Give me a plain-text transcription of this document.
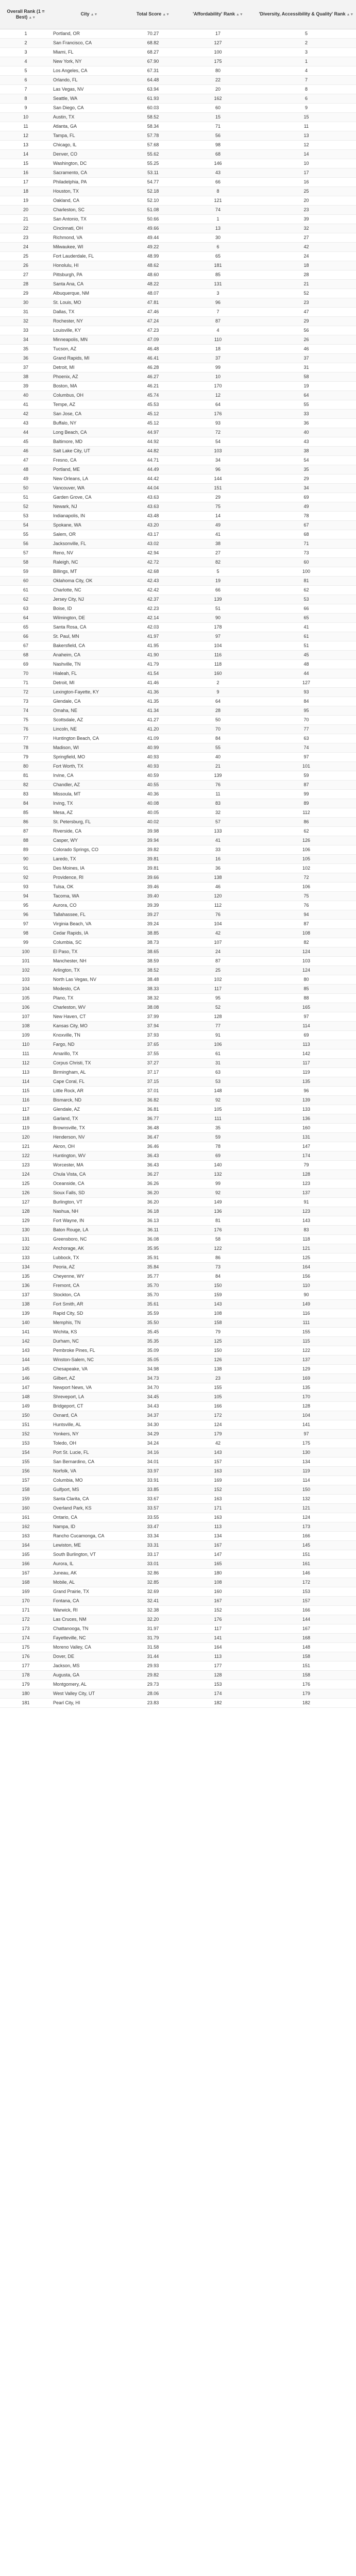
Overall Rank (1 = Best) ▲▼	City ▲▼	Total Score ▲▼	'Affordability' Rank ▲▼	'Diversity, Accessibility & Quality' Rank ▲▼
1	Portland, OR	70.27	17	5
2	San Francisco, CA	68.82	127	2
3	Miami, FL	68.27	100	3
4	New York, NY	67.90	175	1
5	Los Angeles, CA	67.31	80	4
6	Orlando, FL	64.48	22	7
7	Las Vegas, NV	63.94	20	8
8	Seattle, WA	61.93	162	6
9	San Diego, CA	60.03	60	9
10	Austin, TX	58.52	15	15
11	Atlanta, GA	58.34	71	11
12	Tampa, FL	57.78	56	13
13	Chicago, IL	57.68	98	12
14	Denver, CO	55.62	68	14
15	Washington, DC	55.25	146	10
16	Sacramento, CA	53.11	43	17
17	Philadelphia, PA	54.77	66	16
18	Houston, TX	52.18	8	25
19	Oakland, CA	52.10	121	20
20	Charleston, SC	51.08	74	23
21	San Antonio, TX	50.66	1	39
22	Cincinnati, OH	49.66	13	32
23	Richmond, VA	49.44	30	27
24	Milwaukee, WI	49.22	6	42
25	Fort Lauderdale, FL	48.99	65	24
26	Honolulu, HI	48.62	181	18
27	Pittsburgh, PA	48.60	85	28
28	Santa Ana, CA	48.22	131	21
29	Albuquerque, NM	48.07	3	52
30	St. Louis, MO	47.81	96	23
31	Dallas, TX	47.46	7	47
32	Rochester, NY	47.24	87	29
33	Louisville, KY	47.23	4	56
34	Minneapolis, MN	47.09	110	26
35	Tucson, AZ	46.48	18	46
36	Grand Rapids, MI	46.41	37	37
37	Detroit, MI	46.28	99	31
38	Phoenix, AZ	46.27	10	58
39	Boston, MA	46.21	170	19
40	Columbus, OH	45.74	12	64
41	Tempe, AZ	45.53	64	55
42	San Jose, CA	45.12	176	33
43	Buffalo, NY	45.12	93	36
44	Long Beach, CA	44.97	72	40
45	Baltimore, MD	44.92	54	43
46	Salt Lake City, UT	44.82	103	38
47	Fresno, CA	44.71	34	54
48	Portland, ME	44.49	96	35
49	New Orleans, LA	44.42	144	29
50	Vancouver, WA	44.04	151	34
51	Garden Grove, CA	43.63	29	69
52	Newark, NJ	43.63	75	49
53	Indianapolis, IN	43.48	14	78
54	Spokane, WA	43.20	49	67
55	Salem, OR	43.17	41	68
56	Jacksonville, FL	43.02	38	71
57	Reno, NV	42.94	27	73
58	Raleigh, NC	42.72	82	60
59	Billings, MT	42.68	5	100
60	Oklahoma City, OK	42.43	19	81
61	Charlotte, NC	42.42	66	62
62	Jersey City, NJ	42.37	139	53
63	Boise, ID	42.23	51	66
64	Wilmington, DE	42.14	90	65
65	Santa Rosa, CA	42.03	178	41
66	St. Paul, MN	41.97	97	61
67	Bakersfield, CA	41.95	104	51
68	Anaheim, CA	41.90	116	45
69	Nashville, TN	41.79	118	48
70	Hialeah, FL	41.54	160	44
71	Detroit, MI	41.46	2	127
72	Lexington-Fayette, KY	41.36	9	93
73	Glendale, CA	41.35	64	84
74	Omaha, NE	41.34	28	95
75	Scottsdale, AZ	41.27	50	70
76	Lincoln, NE	41.20	70	77
77	Huntington Beach, CA	41.09	84	63
78	Madison, WI	40.99	55	74
79	Springfield, MO	40.93	40	97
80	Fort Worth, TX	40.93	21	101
81	Irvine, CA	40.59	139	59
82	Chandler, AZ	40.55	76	87
83	Missoula, MT	40.36	11	99
84	Irving, TX	40.08	83	89
85	Mesa, AZ	40.05	32	112
86	St. Petersburg, FL	40.02	57	86
87	Riverside, CA	39.98	133	62
88	Casper, WY	39.94	41	126
89	Colorado Springs, CO	39.82	33	106
90	Laredo, TX	39.81	16	105
91	Des Moines, IA	39.81	36	102
92	Providence, RI	39.66	138	72
93	Tulsa, OK	39.46	46	106
94	Tacoma, WA	39.40	120	75
95	Aurora, CO	39.39	112	76
96	Tallahassee, FL	39.27	76	94
97	Virginia Beach, VA	39.24	104	87
98	Cedar Rapids, IA	38.85	42	108
99	Columbia, SC	38.73	107	82
100	El Paso, TX	38.65	24	124
101	Manchester, NH	38.59	87	103
102	Arlington, TX	38.52	25	124
103	North Las Vegas, NV	38.48	102	80
104	Modesto, CA	38.33	117	85
105	Plano, TX	38.32	95	88
106	Charleston, WV	38.08	52	165
107	New Haven, CT	37.99	128	97
108	Kansas City, MO	37.94	77	114
109	Knoxville, TN	37.93	91	69
110	Fargo, ND	37.65	106	113
111	Amarillo, TX	37.55	61	142
112	Corpus Christi, TX	37.27	31	117
113	Birmingham, AL	37.17	63	119
114	Cape Coral, FL	37.15	53	135
115	Little Rock, AR	37.01	148	96
116	Bismarck, ND	36.82	92	139
117	Glendale, AZ	36.81	105	133
118	Garland, TX	36.77	111	136
119	Brownsville, TX	36.48	35	160
120	Henderson, NV	36.47	59	131
121	Akron, OH	36.46	78	147
122	Huntington, WV	36.43	69	174
123	Worcester, MA	36.43	140	79
124	Chula Vista, CA	36.27	132	128
125	Oceanside, CA	36.26	99	123
126	Sioux Falls, SD	36.20	92	137
127	Burlington, VT	36.20	149	91
128	Nashua, NH	36.18	136	123
129	Fort Wayne, IN	36.13	81	143
130	Baton Rouge, LA	36.11	176	83
131	Greensboro, NC	36.08	58	118
132	Anchorage, AK	35.95	122	121
133	Lubbock, TX	35.91	86	125
134	Peoria, AZ	35.84	73	164
135	Cheyenne, WY	35.77	84	156
136	Fremont, CA	35.70	150	110
137	Stockton, CA	35.70	159	90
138	Fort Smith, AR	35.61	143	149
139	Rapid City, SD	35.59	108	116
140	Memphis, TN	35.50	158	111
141	Wichita, KS	35.45	79	155
142	Durham, NC	35.35	125	115
143	Pembroke Pines, FL	35.09	150	122
144	Winston-Salem, NC	35.05	126	137
145	Chesapeake, VA	34.98	138	129
146	Gilbert, AZ	34.73	23	169
147	Newport News, VA	34.70	155	135
148	Shreveport, LA	34.45	105	170
149	Bridgeport, CT	34.43	166	128
150	Oxnard, CA	34.37	172	104
151	Huntsville, AL	34.30	124	141
152	Yonkers, NY	34.29	179	97
153	Toledo, OH	34.24	42	175
154	Port St. Lucie, FL	34.16	143	130
155	San Bernardino, CA	34.01	157	134
156	Norfolk, VA	33.97	163	119
157	Columbia, MO	33.91	169	114
158	Gulfport, MS	33.85	152	150
159	Santa Clarita, CA	33.67	163	132
160	Overland Park, KS	33.57	171	121
161	Ontario, CA	33.55	163	124
162	Nampa, ID	33.47	113	173
163	Rancho Cucamonga, CA	33.34	134	166
164	Lewiston, ME	33.31	167	145
165	South Burlington, VT	33.17	147	151
166	Aurora, IL	33.01	165	161
167	Juneau, AK	32.86	180	146
168	Mobile, AL	32.85	108	172
169	Grand Prairie, TX	32.69	160	153
170	Fontana, CA	32.41	167	157
171	Warwick, RI	32.38	152	166
172	Las Cruces, NM	32.20	176	144
173	Chattanooga, TN	31.97	117	167
174	Fayetteville, NC	31.79	141	168
175	Moreno Valley, CA	31.58	164	148
176	Dover, DE	31.44	113	158
177	Jackson, MS	29.93	177	151
178	Augusta, GA	29.82	128	158
179	Montgomery, AL	29.73	153	176
180	West Valley City, UT	28.06	174	179
181	Pearl City, HI	23.83	182	182
